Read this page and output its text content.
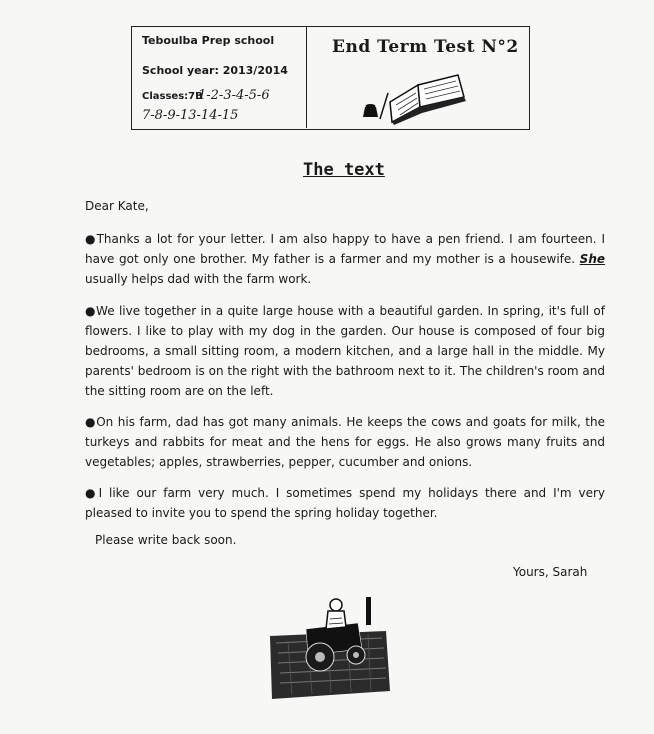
Teboulba Prep school
School year: 2013/2014
Classes:7B
1-2-3-4-5-6
7-8-9-13-14-15
End Term Test N°2
The text
Dear Kate,
●Thanks a lot for your letter. I am also happy to have a pen friend. I am fourteen. I have got only one brother. My father is a farmer and my mother is a housewife. She usually helps dad with the farm work.
●We live together in a quite large house with a beautiful garden. In spring, it's full of flowers. I like to play with my dog in the garden. Our house is composed of four big bedrooms, a small sitting room, a modern kitchen, and a large hall in the middle. My parents' bedroom is on the right with the bathroom next to it. The children's room and the sitting room are on the left.
●On his farm, dad has got many animals. He keeps the cows and goats for milk, the turkeys and rabbits for meat and the hens for eggs. He also grows many fruits and vegetables; apples, strawberries, pepper, cucumber and onions.
●I like our farm very much. I sometimes spend my holidays there and I'm very pleased to invite you to spend the spring holiday together.
Please write back soon.
Yours, Sarah
